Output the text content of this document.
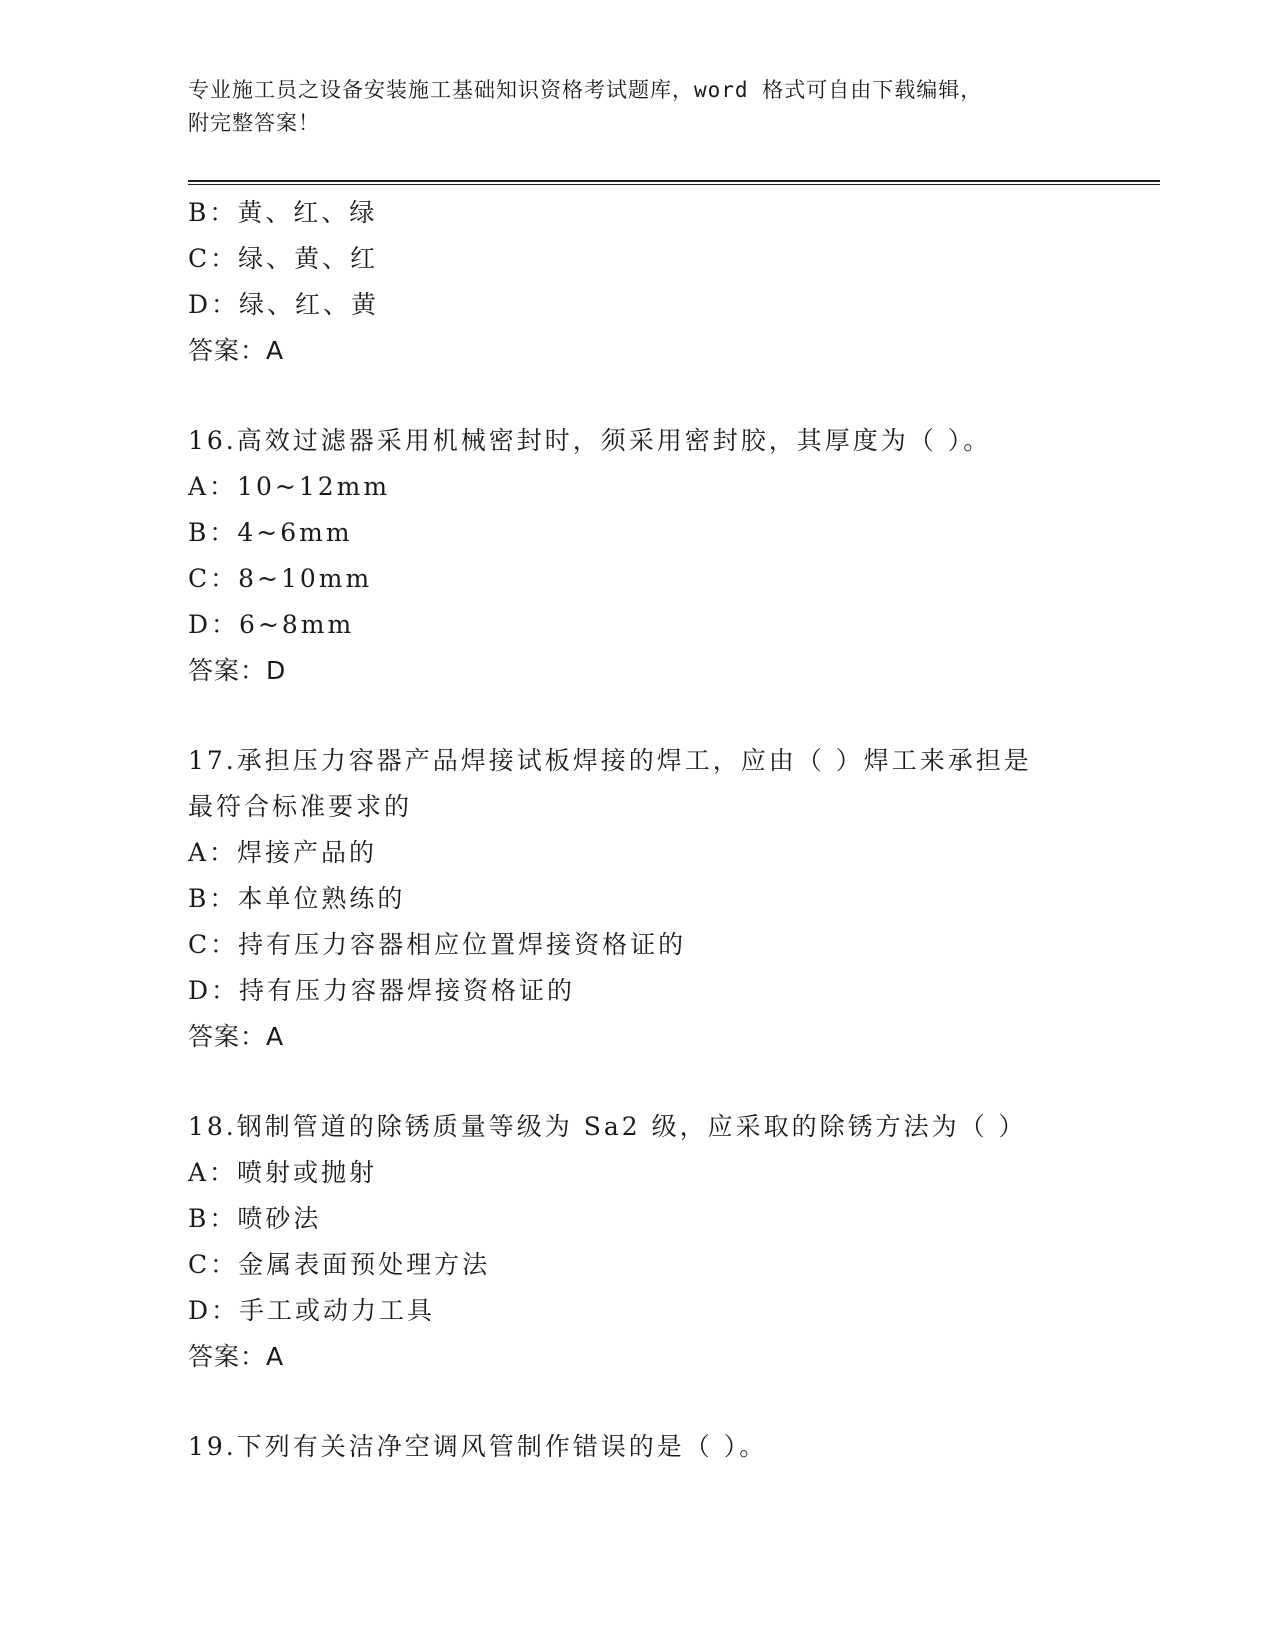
专业施工员之设备安装施工基础知识资格考试题库，word 格式可自由下载编辑，
附完整答案！
B：黄、红、绿
C：绿、黄、红
D：绿、红、黄
答案：A
16.高效过滤器采用机械密封时，须采用密封胶，其厚度为（ ）。
A：10~12mm
B：4~6mm
C：8~10mm
D：6~8mm
答案：D
17.承担压力容器产品焊接试板焊接的焊工，应由（ ）焊工来承担是
最符合标准要求的
A：焊接产品的
B：本单位熟练的
C：持有压力容器相应位置焊接资格证的
D：持有压力容器焊接资格证的
答案：A
18.钢制管道的除锈质量等级为 Sa2 级，应采取的除锈方法为（ ）
A：喷射或抛射
B：喷砂法
C：金属表面预处理方法
D：手工或动力工具
答案：A
19.下列有关洁净空调风管制作错误的是（ ）。
